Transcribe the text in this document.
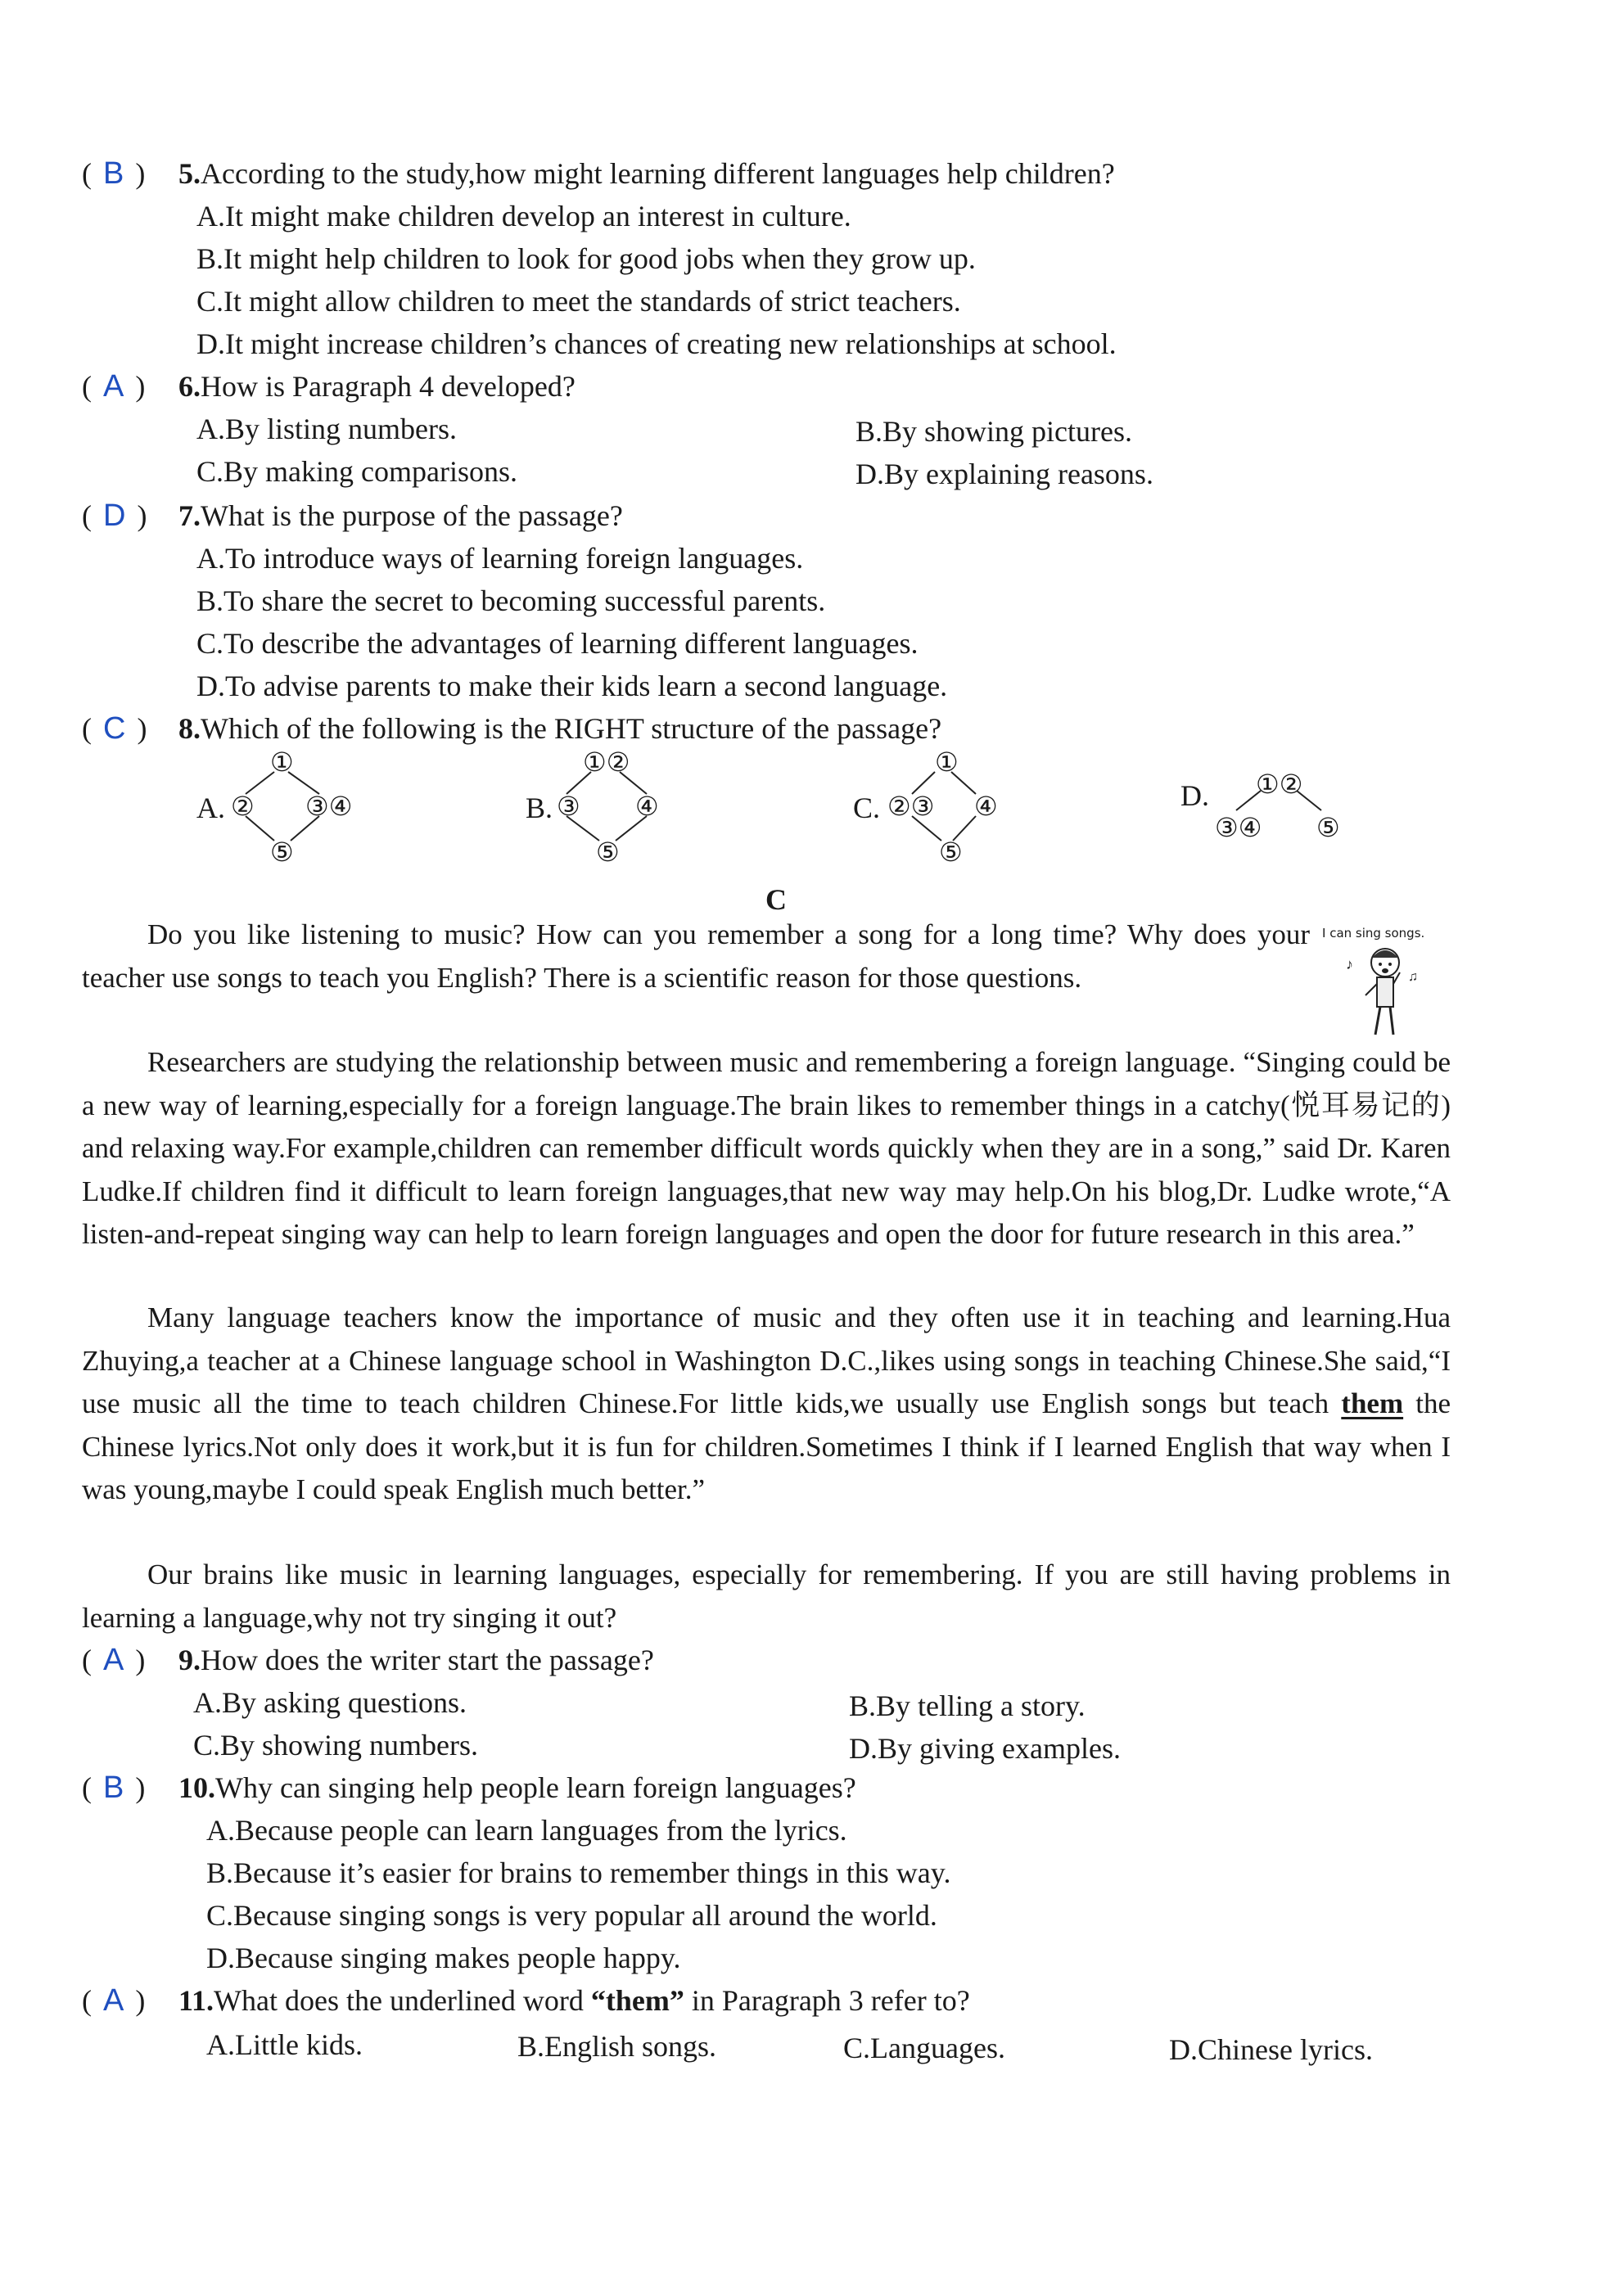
( B ) 5.According to the study,how might learning different languages help children?
A.It might make children develop an interest in culture.
B.It might help children to look for good jobs when they grow up.
C.It might allow children to meet the standards of strict teachers.
D.It might increase children’s chances of creating new relationships at school.
( A ) 6.How is Paragraph 4 developed?
A.By listing numbers.	B.By showing pictures.
C.By making comparisons.	D.By explaining reasons.
( D ) 7.What is the purpose of the passage?
A.To introduce ways of learning foreign languages.
B.To share the secret to becoming successful parents.
C.To describe the advantages of learning different languages.
D.To advise parents to make their kids learn a second language.
( C ) 8.Which of the following is the RIGHT structure of the passage?
A.
①
② ③④
⑤
B.
①②
③ ④
⑤
C.
①
②③ ④
⑤
D. ①②
③④ ⑤
C
I can sing songs.
♪
♫
Do you like listening to music? How can you remember a song for a long time? Why does your teacher use songs to teach you English? There is a scientific reason for those questions.
Researchers are studying the relationship between music and remembering a foreign language. “Singing could be a new way of learning,especially for a foreign language.The brain likes to remember things in a catchy(悦耳易记的) and relaxing way.For example,children can remember difficult words quickly when they are in a song,” said Dr. Karen Ludke.If children find it difficult to learn foreign languages,that new way may help.On his blog,Dr. Ludke wrote,“A listen-and-repeat singing way can help to learn foreign languages and open the door for future research in this area.”
Many language teachers know the importance of music and they often use it in teaching and learning.Hua Zhuying,a teacher at a Chinese language school in Washington D.C.,likes using songs in teaching Chinese.She said,“I use music all the time to teach children Chinese.For little kids,we usually use English songs but teach them the Chinese lyrics.Not only does it work,but it is fun for children.Sometimes I think if I learned English that way when I was young,maybe I could speak English much better.”
Our brains like music in learning languages, especially for remembering. If you are still having problems in learning a language,why not try singing it out?
( A ) 9.How does the writer start the passage?
A.By asking questions.	B.By telling a story.
C.By showing numbers.	D.By giving examples.
( B ) 10.Why can singing help people learn foreign languages?
A.Because people can learn languages from the lyrics.
B.Because it’s easier for brains to remember things in this way.
C.Because singing songs is very popular all around the world.
D.Because singing makes people happy.
( A ) 11.What does the underlined word “them” in Paragraph 3 refer to?
A.Little kids.	B.English songs.	C.Languages.	D.Chinese lyrics.
